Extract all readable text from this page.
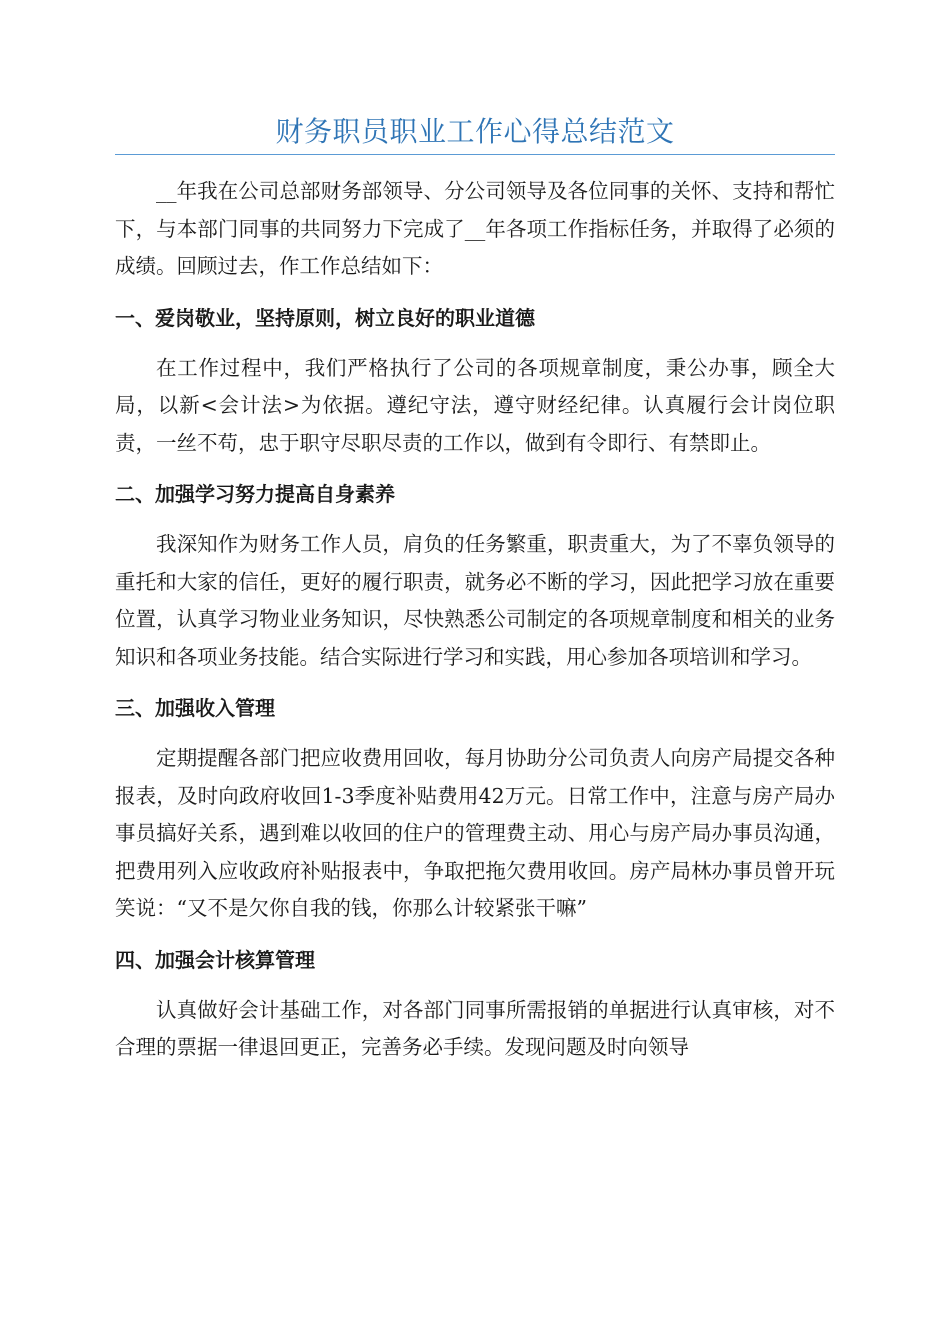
财务职员职业工作心得总结范文

__年我在公司总部财务部领导、分公司领导及各位同事的关怀、支持和帮忙下，与本部门同事的共同努力下完成了__年各项工作指标任务，并取得了必须的成绩。回顾过去，作工作总结如下：

一、爱岗敬业，坚持原则，树立良好的职业道德

在工作过程中，我们严格执行了公司的各项规章制度，秉公办事，顾全大局，以新<会计法>为依据。遵纪守法，遵守财经纪律。认真履行会计岗位职责，一丝不苟，忠于职守尽职尽责的工作以，做到有令即行、有禁即止。

二、加强学习努力提高自身素养

我深知作为财务工作人员，肩负的任务繁重，职责重大，为了不辜负领导的重托和大家的信任，更好的履行职责，就务必不断的学习，因此把学习放在重要位置，认真学习物业业务知识，尽快熟悉公司制定的各项规章制度和相关的业务知识和各项业务技能。结合实际进行学习和实践，用心参加各项培训和学习。

三、加强收入管理

定期提醒各部门把应收费用回收，每月协助分公司负责人向房产局提交各种报表，及时向政府收回1-3季度补贴费用42万元。日常工作中，注意与房产局办事员搞好关系，遇到难以收回的住户的管理费主动、用心与房产局办事员沟通，把费用列入应收政府补贴报表中，争取把拖欠费用收回。房产局林办事员曾开玩笑说：“又不是欠你自我的钱，你那么计较紧张干嘛”

四、加强会计核算管理

认真做好会计基础工作，对各部门同事所需报销的单据进行认真审核，对不合理的票据一律退回更正，完善务必手续。发现问题及时向领导
